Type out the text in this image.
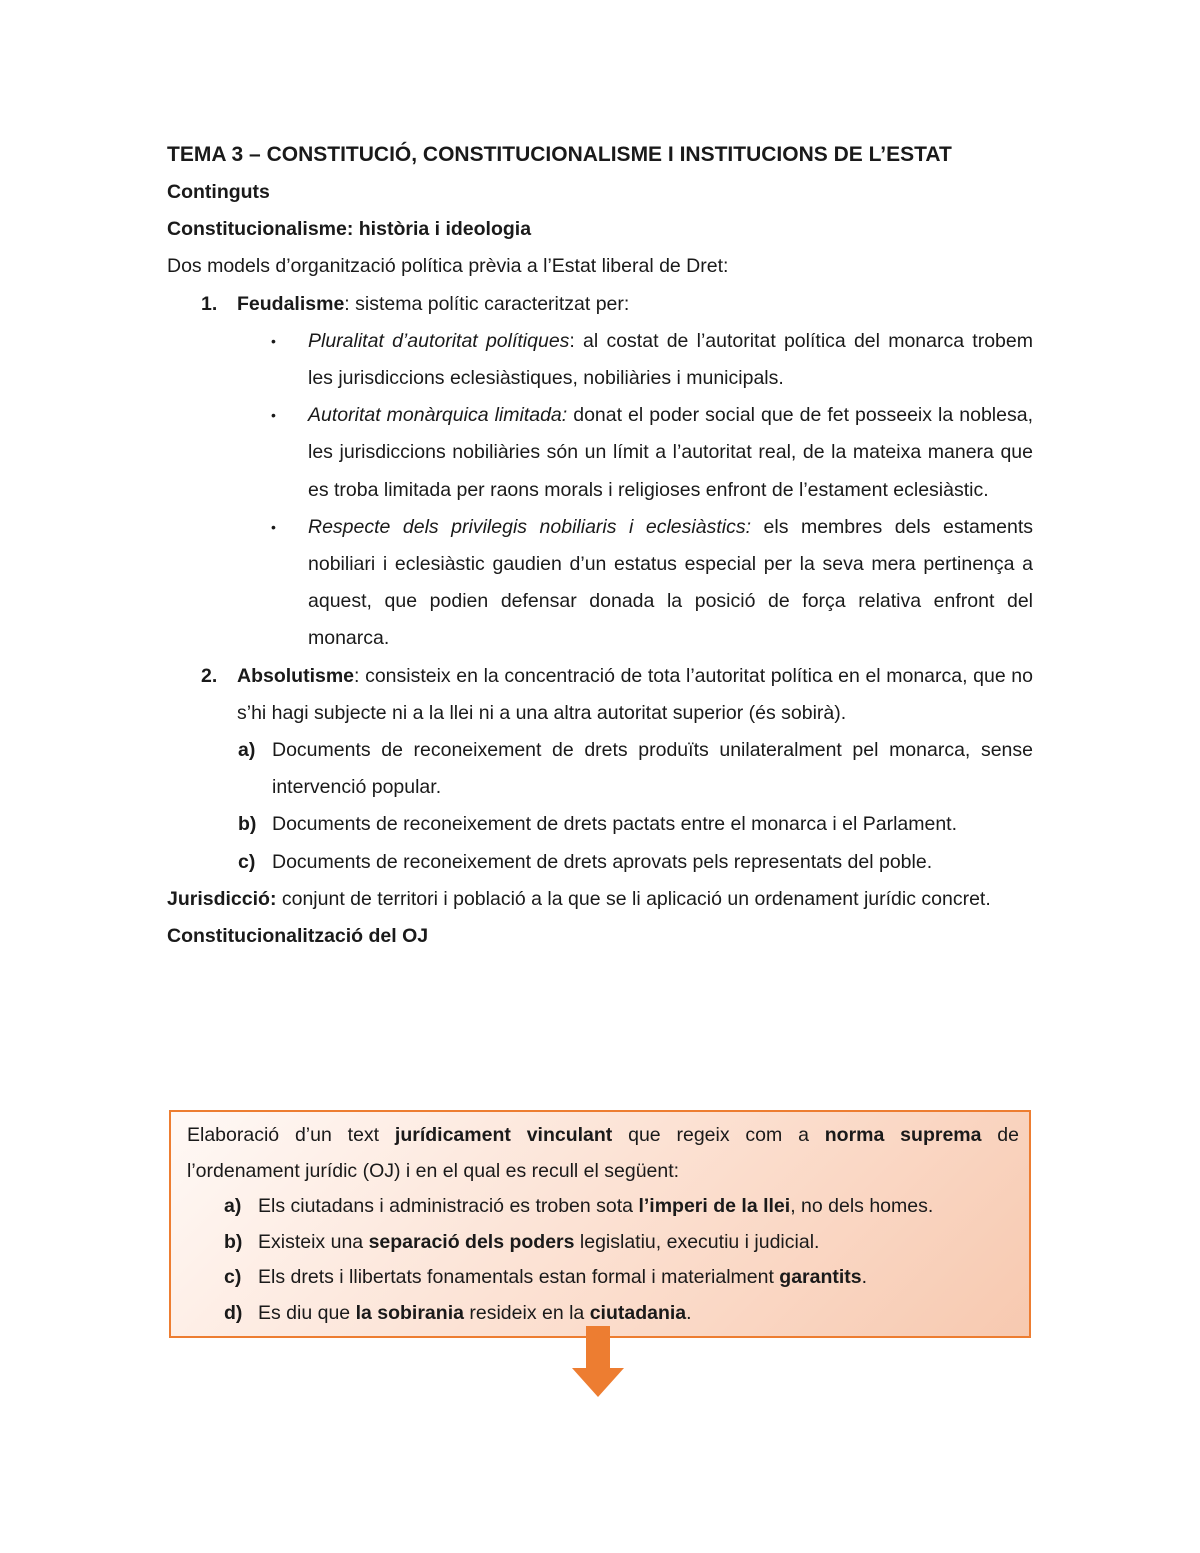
TEMA 3 – CONSTITUCIÓ, CONSTITUCIONALISME I INSTITUCIONS DE L’ESTAT

Continguts

Constitucionalisme: història i ideologia

Dos models d’organització política prèvia a l’Estat liberal de Dret:

1. Feudalisme: sistema polític caracteritzat per:
• Pluralitat d’autoritat polítiques: al costat de l’autoritat política del monarca trobem les jurisdiccions eclesiàstiques, nobiliàries i municipals.
• Autoritat monàrquica limitada: donat el poder social que de fet posseeix la noblesa, les jurisdiccions nobiliàries són un límit a l’autoritat real, de la mateixa manera que es troba limitada per raons morals i religioses enfront de l’estament eclesiàstic.
• Respecte dels privilegis nobiliaris i eclesiàstics: els membres dels estaments nobiliari i eclesiàstic gaudien d’un estatus especial per la seva mera pertinença a aquest, que podien defensar donada la posició de força relativa enfront del monarca.
2. Absolutisme: consisteix en la concentració de tota l’autoritat política en el monarca, que no s’hi hagi subjecte ni a la llei ni a una altra autoritat superior (és sobirà).
a) Documents de reconeixement de drets produïts unilateralment pel monarca, sense intervenció popular.
b) Documents de reconeixement de drets pactats entre el monarca i el Parlament.
c) Documents de reconeixement de drets aprovats pels representats del poble.

Jurisdicció: conjunt de territori i població a la que se li aplicació un ordenament jurídic concret.

Constitucionalització del OJ

Elaboració d’un text jurídicament vinculant que regeix com a norma suprema de l’ordenament jurídic (OJ) i en el qual es recull el següent:

a) Els ciutadans i administració es troben sota l’imperi de la llei, no dels homes.
b) Existeix una separació dels poders legislatiu, executiu i judicial.
c) Els drets i llibertats fonamentals estan formal i materialment garantits.
d) Es diu que la sobirania resideix en la ciutadania.
